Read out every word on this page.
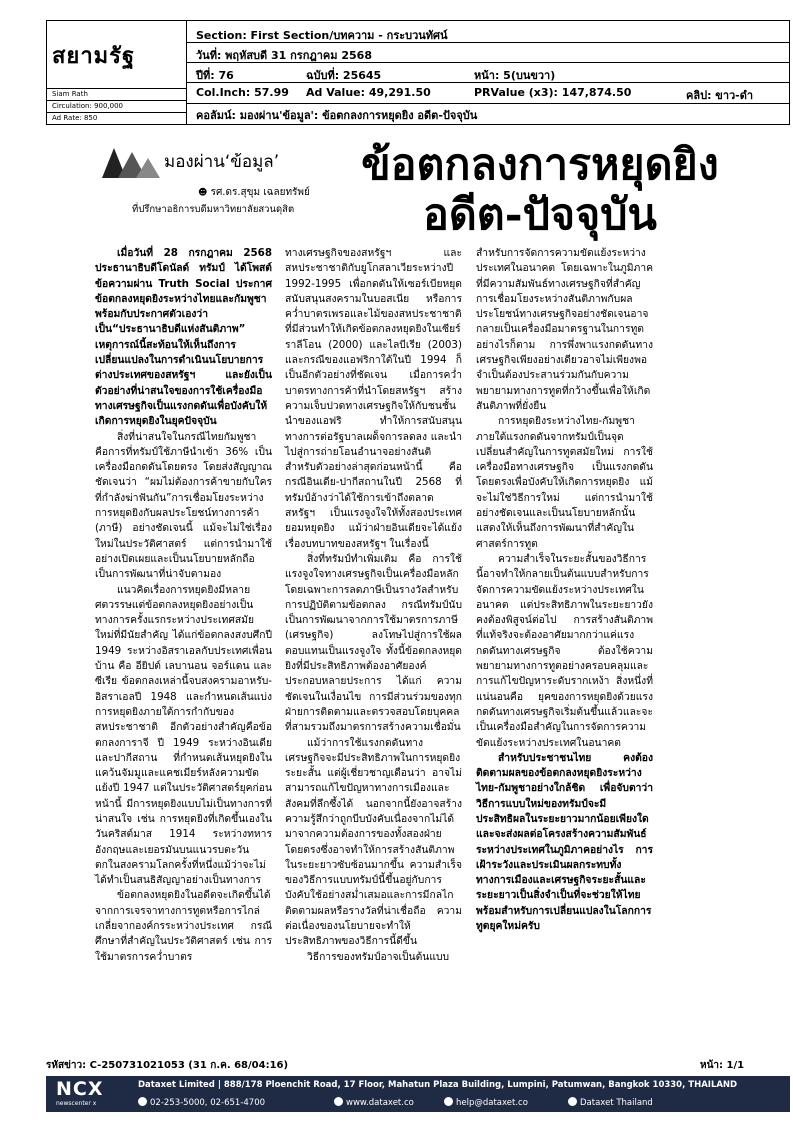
สยามรัฐ
Siam Rath
Circulation: 900,000
Ad Rate: 850
Section: First Section/บทความ - กระบวนทัศน์
วันที่: พฤหัสบดี 31 กรกฎาคม 2568
ปีที่: 76	ฉบับที่: 25645	หน้า: 5(บนขวา)
Col.Inch: 57.99 Ad Value: 49,291.50	PRValue (x3): 147,874.50	คลิป: ขาว-ดำ
คอลัมน์: มองผ่าน'ข้อมูล': ข้อตกลงการหยุดยิง อดีต-ปัจจุบัน
มองผ่าน‘ข้อมูล’
☻ รศ.ดร.สุขุม เฉลยทรัพย์
ที่ปรึกษาอธิการบดีมหาวิทยาลัยสวนดุสิต
ข้อตกลงการหยุดยิง
อดีต-ปัจจุบัน

เมื่อวันที่ 28 กรกฎาคม 2568 ประธานาธิบดีโดนัลด์ ทรัมป์ ได้โพสต์ข้อความผ่าน Truth Social ประกาศข้อตกลงหยุดยิงระหว่างไทยและกัมพูชา พร้อมกับประกาศตัวเองว่าเป็น“ประธานาธิบดีแห่งสันติภาพ” เหตุการณ์นี้สะท้อนให้เห็นถึงการเปลี่ยนแปลงในการดำเนินนโยบายการต่างประเทศของสหรัฐฯ และยังเป็นตัวอย่างที่น่าสนใจของการใช้เครื่องมือทางเศรษฐกิจเป็นแรงกดดันเพื่อบังคับให้เกิดการหยุดยิงในยุคปัจจุบัน

สิ่งที่น่าสนใจในกรณีไทยกัมพูชา คือการที่ทรัมป์ใช้ภาษีนำเข้า 36% เป็นเครื่องมือกดดันโดยตรง โดยส่งสัญญาณชัดเจนว่า “ผมไม่ต้องการค้าขายกับใครที่กำลังฆ่าฟันกัน”การเชื่อมโยงระหว่างการหยุดยิงกับผลประโยชน์ทางการค้า (ภาษี) อย่างชัดเจนนี้ แม้จะไม่ใช่เรื่องใหม่ในประวัติศาสตร์ แต่การนำมาใช้อย่างเปิดเผยและเป็นนโยบายหลักถือเป็นการพัฒนาที่น่าจับตามอง

แนวคิดเรื่องการหยุดยิงมีหลายศตวรรษแต่ข้อตกลงหยุดยิงอย่างเป็นทางการครั้งแรกระหว่างประเทศสมัยใหม่ที่มีนัยสำคัญ ได้แก่ข้อตกลงสงบศึกปี 1949 ระหว่างอิสราเอลกับประเทศเพื่อนบ้าน คือ อียิปต์ เลบานอน จอร์แดน และซีเรีย ข้อตกลงเหล่านี้จบสงครามอาหรับ-อิสราเอลปี 1948 และกำหนดเส้นแบ่งการหยุดยิงภายใต้การกำกับของสหประชาชาติ อีกตัวอย่างสำคัญคือข้อตกลงการาจี ปี 1949 ระหว่างอินเดียและปากีสถาน ที่กำหนดเส้นหยุดยิงในแคว้นจัมมูและแคชเมียร์หลังความขัดแย้งปี 1947 แต่ในประวัติศาสตร์ยุคก่อนหน้านี้ มีการหยุดยิงแบบไม่เป็นทางการที่น่าสนใจ เช่น การหยุดยิงที่เกิดขึ้นเองในวันคริสต์มาส 1914 ระหว่างทหารอังกฤษและเยอรมันบนแนวรบตะวันตกในสงครามโลกครั้งที่หนึ่งแม้ว่าจะไม่ได้ทำเป็นสนธิสัญญาอย่างเป็นทางการ

ข้อตกลงหยุดยิงในอดีตจะเกิดขึ้นได้จากการเจรจาทางการทูตหรือการไกล่เกลี่ยจากองค์กรระหว่างประเทศ กรณีศึกษาที่สำคัญในประวัติศาสตร์ เช่น การใช้มาตรการคว่ำบาตร

ทางเศรษฐกิจของสหรัฐฯ และสหประชาชาติกับยูโกสลาเวียระหว่างปี 1992-1995 เพื่อกดดันให้เซอร์เบียหยุดสนับสนุนสงครามในบอสเนีย หรือการคว่ำบาตรเพรอและไม้ของสหประชาชาติที่มีส่วนทำให้เกิดข้อตกลงหยุดยิงในเซียร์ราลีโอน (2000) และไลบีเรีย (2003) และกรณีของแอฟริกาใต้ในปี 1994 ก็เป็นอีกตัวอย่างที่ชัดเจน เมื่อการคว่ำบาตรทางการค้าที่นำโดยสหรัฐฯ สร้างความเจ็บปวดทางเศรษฐกิจให้กับชนชั้นนำของแอฟริ ทำให้การสนับสนุนทางการต่อรัฐบาลเผด็จการลดลง และนำไปสู่การถ่ายโอนอำนาจอย่างสันติ สำหรับตัวอย่างล่าสุดก่อนหน้านี้ คือ กรณีอินเดีย-ปากีสถานในปี 2568 ที่ทรัมป์อ้างว่าได้ใช้การเข้าถึงตลาดสหรัฐฯ เป็นแรงจูงใจให้ทั้งสองประเทศยอมหยุดยิง แม้ว่าฝ่ายอินเดียจะได้แย้งเรื่องบทบาทของสหรัฐฯ ในเรื่องนี้

สิ่งที่ทรัมป์ทำเพิ่มเติม คือ การใช้แรงจูงใจทางเศรษฐกิจเป็นเครื่องมือหลัก โดยเฉพาะการลดภาษีเป็นรางวัลสำหรับการปฏิบัติตามข้อตกลง กรณีทรัมป์นับเป็นการพัฒนาจากการใช้มาตรการภาษี (เศรษฐกิจ) ลงโทษไปสู่การใช้ผลตอบแทนเป็นแรงจูงใจ ทั้งนี้ข้อตกลงหยุดยิงที่มีประสิทธิภาพต้องอาศัยองค์ประกอบหลายประการ ได้แก่ ความชัดเจนในเงื่อนไข การมีส่วนร่วมของทุกฝ่ายการติดตามและตรวจสอบโดยบุคคลที่สามรวมถึงมาตรการสร้างความเชื่อมั่น

แม้ว่าการใช้แรงกดดันทางเศรษฐกิจจะมีประสิทธิภาพในการหยุดยิงระยะสั้น แต่ผู้เชี่ยวชาญเตือนว่า อาจไม่สามารถแก้ไขปัญหาทางการเมืองและสังคมที่ลึกซึ้งได้ นอกจากนี้ยังอาจสร้างความรู้สึกว่าถูกบีบบังคับเนื่องจากไม่ได้มาจากความต้องการของทั้งสองฝ่ายโดยตรงซึ่งอาจทำให้การสร้างสันติภาพในระยะยาวซับซ้อนมากขึ้น ความสำเร็จของวิธีการแบบทรัมป์นี้ขึ้นอยู่กับการบังคับใช้อย่างสม่ำเสมอและการมีกลไกติดตามผลหรือรางวัลที่น่าเชื่อถือ ความต่อเนื่องของนโยบายจะทำให้ประสิทธิภาพของวิธีการนี้ดีขึ้น

วิธีการของทรัมป์อาจเป็นต้นแบบ

สำหรับการจัดการความขัดแย้งระหว่างประเทศในอนาคต โดยเฉพาะในภูมิภาคที่มีความสัมพันธ์ทางเศรษฐกิจที่สำคัญ การเชื่อมโยงระหว่างสันติภาพกับผลประโยชน์ทางเศรษฐกิจอย่างชัดเจนอาจกลายเป็นเครื่องมือมาตรฐานในการทูต อย่างไรก็ตาม การพึ่งพาแรงกดดันทางเศรษฐกิจเพียงอย่างเดียวอาจไม่เพียงพอจำเป็นต้องประสานร่วมกันกับความพยายามทางการทูตที่กว้างขึ้นเพื่อให้เกิดสันติภาพที่ยั่งยืน

การหยุดยิงระหว่างไทย-กัมพูชาภายใต้แรงกดดันจากทรัมป์เป็นจุดเปลี่ยนสำคัญในการทูตสมัยใหม่ การใช้เครื่องมือทางเศรษฐกิจ เป็นแรงกดดันโดยตรงเพื่อบังคับให้เกิดการหยุดยิง แม้จะไม่ใช่วิธีการใหม่ แต่การนำมาใช้อย่างชัดเจนและเป็นนโยบายหลักนั้นแสดงให้เห็นถึงการพัฒนาที่สำคัญในศาสตร์การทูต

ความสำเร็จในระยะสั้นของวิธีการนี้อาจทำให้กลายเป็นต้นแบบสำหรับการจัดการความขัดแย้งระหว่างประเทศในอนาคต แต่ประสิทธิภาพในระยะยาวยังคงต้องพิสูจน์ต่อไป การสร้างสันติภาพที่แท้จริงจะต้องอาศัยมากกว่าแค่แรงกดดันทางเศรษฐกิจ ต้องใช้ความพยายามทางการทูตอย่างครอบคลุมและการแก้ไขปัญหาระดับรากเหง้า สิ่งหนึ่งที่แน่นอนคือ ยุคของการหยุดยิงด้วยแรงกดดันทางเศรษฐกิจเริ่มต้นขึ้นแล้วและจะเป็นเครื่องมือสำคัญในการจัดการความขัดแย้งระหว่างประเทศในอนาคต

สำหรับประชาชนไทย คงต้องติดตามผลของข้อตกลงหยุดยิงระหว่างไทย-กัมพูชาอย่างใกล้ชิด เพื่อจับตาว่าวิธีการแบบใหม่ของทรัมป์จะมีประสิทธิผลในระยะยาวมากน้อยเพียงใด และจะส่งผลต่อโครงสร้างความสัมพันธ์ระหว่างประเทศในภูมิภาคอย่างไร การเฝ้าระวังและประเมินผลกระทบทั้งทางการเมืองและเศรษฐกิจระยะสั้นและระยะยาวเป็นสิ่งจำเป็นที่จะช่วยให้ไทยพร้อมสำหรับการเปลี่ยนแปลงในโลกการทูตยุคใหม่ครับ

รหัสข่าว: C-250731021053 (31 ก.ค. 68/04:16)	หน้า: 1/1
NCX
newscenter x
Dataxet Limited | 888/178 Ploenchit Road, 17 Floor, Mahatun Plaza Building, Lumpini, Patumwan, Bangkok 10330, THAILAND
02-253-5000, 02-651-4700	www.dataxet.co	help@dataxet.co	Dataxet Thailand
